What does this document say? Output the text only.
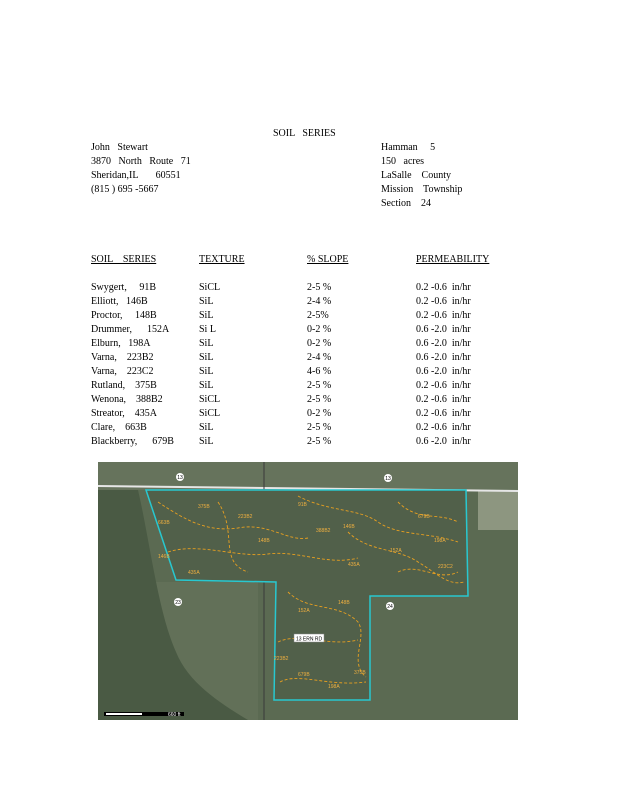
SOIL   SERIES
John   Stewart
3870   North   Route   71
Sheridan,IL       60551
(815 ) 695 -5667
Hamman     5
150   acres
LaSalle    County
Mission    Township
Section    24
SOIL    SERIES	TEXTURE	% SLOPE	PERMEABILITY
Swygert,     91B	SiCL	2-5 %	0.2 -0.6  in/hr
Elliott,   146B	SiL	2-4 %	0.2 -0.6  in/hr
Proctor,     148B	SiL	2-5%	0.2 -0.6  in/hr
Drummer,      152A	Si L	0-2 %	0.6 -2.0  in/hr
Elburn,   198A	SiL	0-2 %	0.6 -2.0  in/hr
Varna,    223B2	SiL	2-4 %	0.6 -2.0  in/hr
Varna,    223C2	SiL	4-6 %	0.6 -2.0  in/hr
Rutland,    375B	SiL	2-5 %	0.2 -0.6  in/hr
Wenona,    388B2	SiCL	2-5 %	0.2 -0.6  in/hr
Streator,    435A	SiCL	0-2 %	0.2 -0.6  in/hr
Clare,    663B	SiL	2-5 %	0.2 -0.6  in/hr
Blackberry,      679B	SiL	2-5 %	0.6 -2.0  in/hr
663B
375B
223B2
148B
91B
388B2
146B
435A
152A
679B
198A
223C2
148B
152A
223B2
679B
198A
375B
146B
435A
13	13
24
23
13 ERN RD
660 ft
